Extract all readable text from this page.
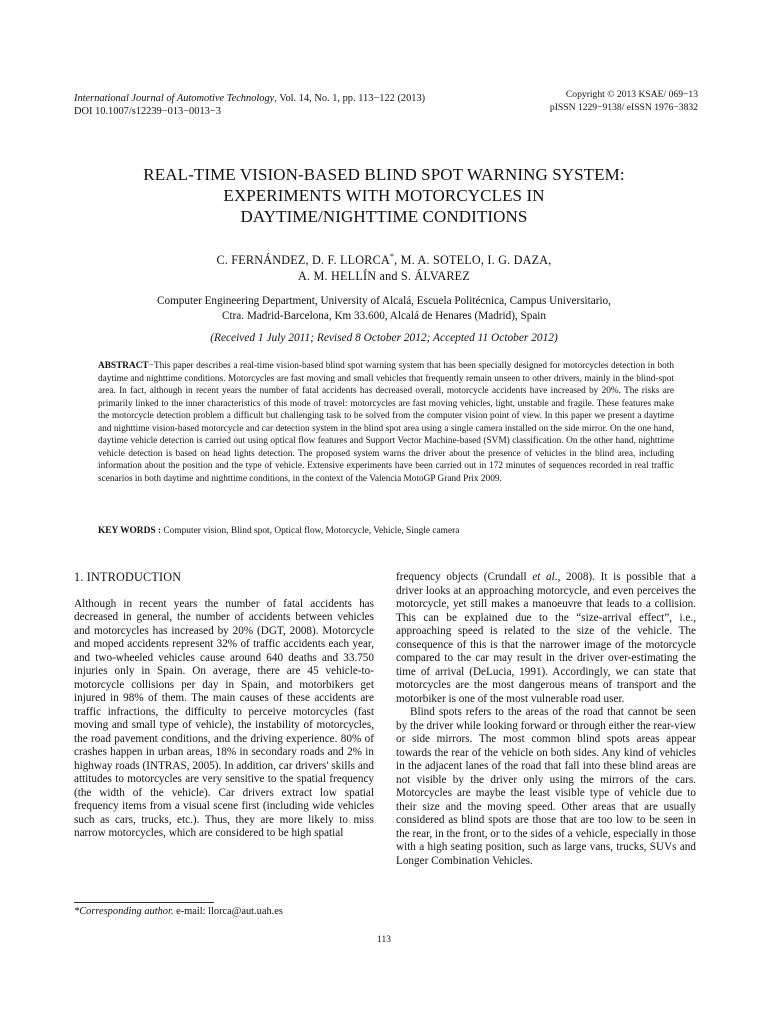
International Journal of Automotive Technology, Vol. 14, No. 1, pp. 113−122 (2013)
DOI 10.1007/s12239−013−0013−3
Copyright © 2013 KSAE/ 069−13
pISSN 1229−9138/ eISSN 1976−3832
REAL-TIME VISION-BASED BLIND SPOT WARNING SYSTEM:
EXPERIMENTS WITH MOTORCYCLES IN
DAYTIME/NIGHTTIME CONDITIONS
C. FERNÁNDEZ, D. F. LLORCA*, M. A. SOTELO, I. G. DAZA,
A. M. HELLÍN and S. ÁLVAREZ
Computer Engineering Department, University of Alcalá, Escuela Politécnica, Campus Universitario,
Ctra. Madrid-Barcelona, Km 33.600, Alcalá de Henares (Madrid), Spain
(Received 1 July 2011; Revised 8 October 2012; Accepted 11 October 2012)
ABSTRACT−This paper describes a real-time vision-based blind spot warning system that has been specially designed for motorcycles detection in both daytime and nighttime conditions. Motorcycles are fast moving and small vehicles that frequently remain unseen to other drivers, mainly in the blind-spot area. In fact, although in recent years the number of fatal accidents has decreased overall, motorcycle accidents have increased by 20%. The risks are primarily linked to the inner characteristics of this mode of travel: motorcycles are fast moving vehicles, light, unstable and fragile. These features make the motorcycle detection problem a difficult but challenging task to be solved from the computer vision point of view. In this paper we present a daytime and nighttime vision-based motorcycle and car detection system in the blind spot area using a single camera installed on the side mirror. On the one hand, daytime vehicle detection is carried out using optical flow features and Support Vector Machine-based (SVM) classification. On the other hand, nighttime vehicle detection is based on head lights detection. The proposed system warns the driver about the presence of vehicles in the blind area, including information about the position and the type of vehicle. Extensive experiments have been carried out in 172 minutes of sequences recorded in real traffic scenarios in both daytime and nighttime conditions, in the context of the Valencia MotoGP Grand Prix 2009.
KEY WORDS : Computer vision, Blind spot, Optical flow, Motorcycle, Vehicle, Single camera
1. INTRODUCTION

Although in recent years the number of fatal accidents has decreased in general, the number of accidents between vehicles and motorcycles has increased by 20% (DGT, 2008). Motorcycle and moped accidents represent 32% of traffic accidents each year, and two-wheeled vehicles cause around 640 deaths and 33.750 injuries only in Spain. On average, there are 45 vehicle-to-motorcycle collisions per day in Spain, and motorbikers get injured in 98% of them. The main causes of these accidents are traffic infractions, the difficulty to perceive motorcycles (fast moving and small type of vehicle), the instability of motorcycles, the road pavement conditions, and the driving experience. 80% of crashes happen in urban areas, 18% in secondary roads and 2% in highway roads (INTRAS, 2005). In addition, car drivers' skills and attitudes to motorcycles are very sensitive to the spatial frequency (the width of the vehicle). Car drivers extract low spatial frequency items from a visual scene first (including wide vehicles such as cars, trucks, etc.). Thus, they are more likely to miss narrow motorcycles, which are considered to be high spatial

frequency objects (Crundall et al., 2008). It is possible that a driver looks at an approaching motorcycle, and even perceives the motorcycle, yet still makes a manoeuvre that leads to a collision. This can be explained due to the “size-arrival effect”, i.e., approaching speed is related to the size of the vehicle. The consequence of this is that the narrower image of the motorcycle compared to the car may result in the driver over-estimating the time of arrival (DeLucia, 1991). Accordingly, we can state that motorcycles are the most dangerous means of transport and the motorbiker is one of the most vulnerable road user.

Blind spots refers to the areas of the road that cannot be seen by the driver while looking forward or through either the rear-view or side mirrors. The most common blind spots areas appear towards the rear of the vehicle on both sides. Any kind of vehicles in the adjacent lanes of the road that fall into these blind areas are not visible by the driver only using the mirrors of the cars. Motorcycles are maybe the least visible type of vehicle due to their size and the moving speed. Other areas that are usually considered as blind spots are those that are too low to be seen in the rear, in the front, or to the sides of a vehicle, especially in those with a high seating position, such as large vans, trucks, SUVs and Longer Combination Vehicles.

*Corresponding author. e-mail: llorca@aut.uah.es
113
